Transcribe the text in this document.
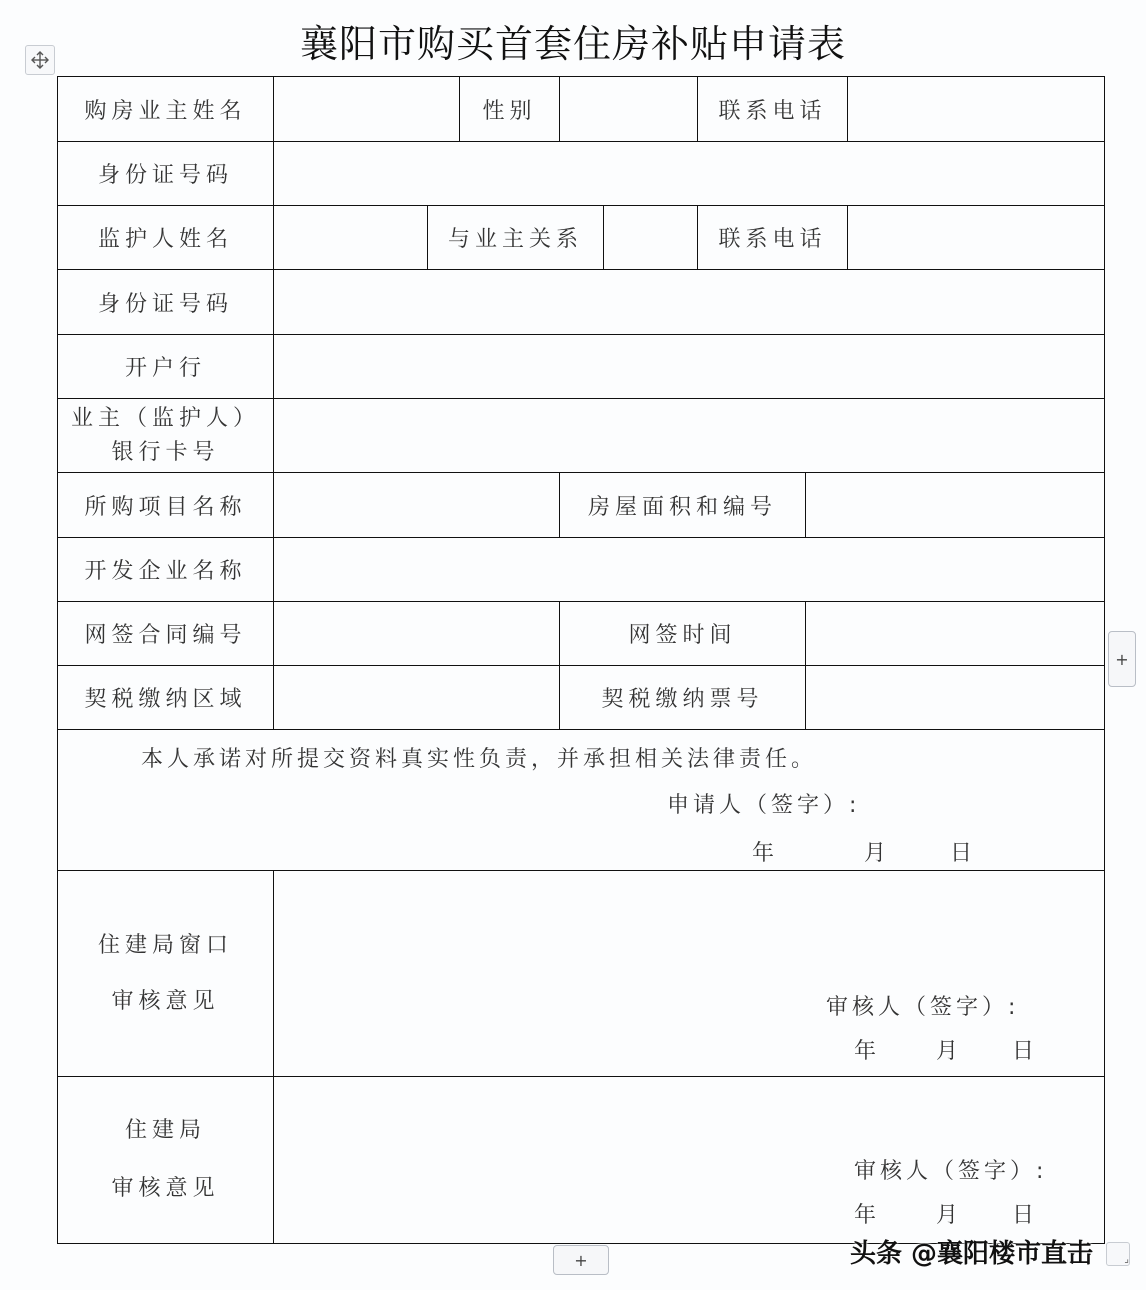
襄阳市购买首套住房补贴申请表
购房业主姓名	性别	联系电话
身份证号码
监护人姓名	与业主关系	联系电话
身份证号码
开户行
业主（监护人）
银行卡号
所购项目名称	房屋面积和编号
开发企业名称
网签合同编号	网签时间
契税缴纳区域	契税缴纳票号
本人承诺对所提交资料真实性负责，并承担相关法律责任。
申请人（签字）:
年	月	日
住建局窗口
审核意见	审核人（签字）:
年	月 日
住建局
审核意见
审核人（签字）:
年	月 日
+
+	⌟
头条 @襄阳楼市直击
